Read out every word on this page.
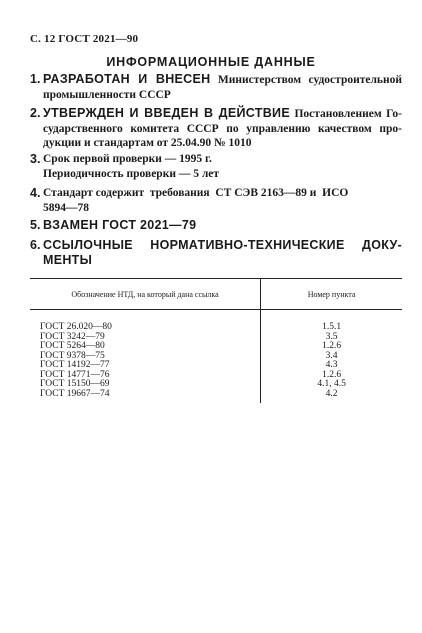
С. 12 ГОСТ 2021—90
ИНФОРМАЦИОННЫЕ ДАННЫЕ
1. РАЗРАБОТАН И ВНЕСЕН Министерством судостроительной
промышленности СССР
2. УТВЕРЖДЕН И ВВЕДЕН В ДЕЙСТВИЕ Постановлением Го-
сударственного комитета СССР по управлению качеством про-
дукции и стандартам от 25.04.90 № 1010
3. Срок первой проверки — 1995 г.
Периодичность проверки — 5 лет
4. Стандарт содержит  требования  СТ СЭВ 2163—89 и  ИСО
5894—78
5. ВЗАМЕН ГОСТ 2021—79
6. ССЫЛОЧНЫЕ НОРМАТИВНО-ТЕХНИЧЕСКИЕ ДОКУ-
МЕНТЫ
Обозначение НТД, на который дана ссылка	Номер пункта

ГОСТ 26.020—80	1.5.1
ГОСТ 3242—79	3.5
ГОСТ 5264—80	1.2.6
ГОСТ 9378—75	3.4
ГОСТ 14192—77	4.3
ГОСТ 14771—76	1.2.6
ГОСТ 15150—69	4.1, 4.5
ГОСТ 19667—74	4.2
